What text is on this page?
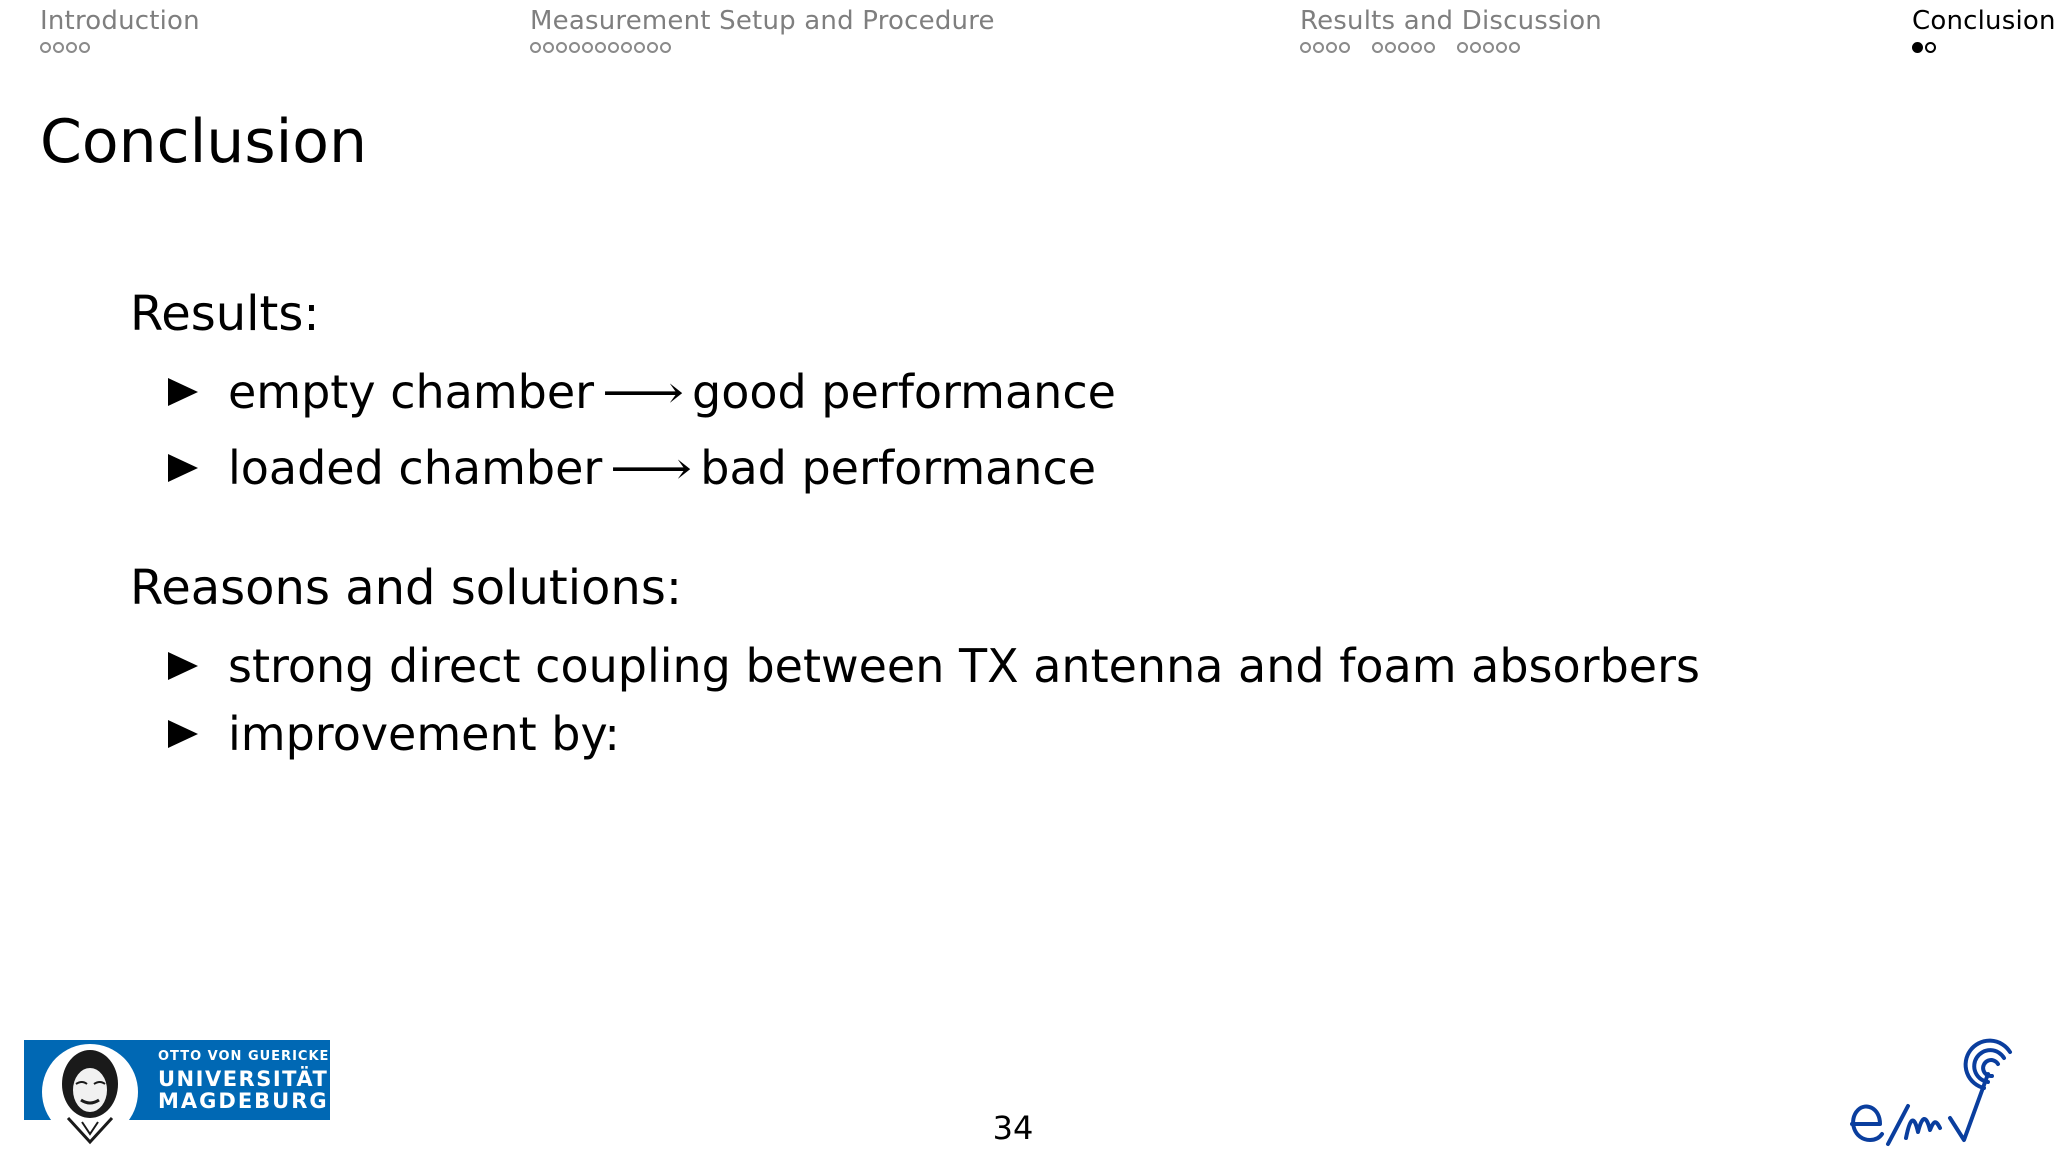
Introduction	Measurement Setup and Procedure	Results and Discussion	Conclusion
Conclusion
Results:
empty chamber ⟶ good performance
loaded chamber ⟶ bad performance
Reasons and solutions:
strong direct coupling between TX antenna and foam absorbers
improvement by:
OTTO VON GUERICKE
UNIVERSITÄT
MAGDEBURG
34
emv
